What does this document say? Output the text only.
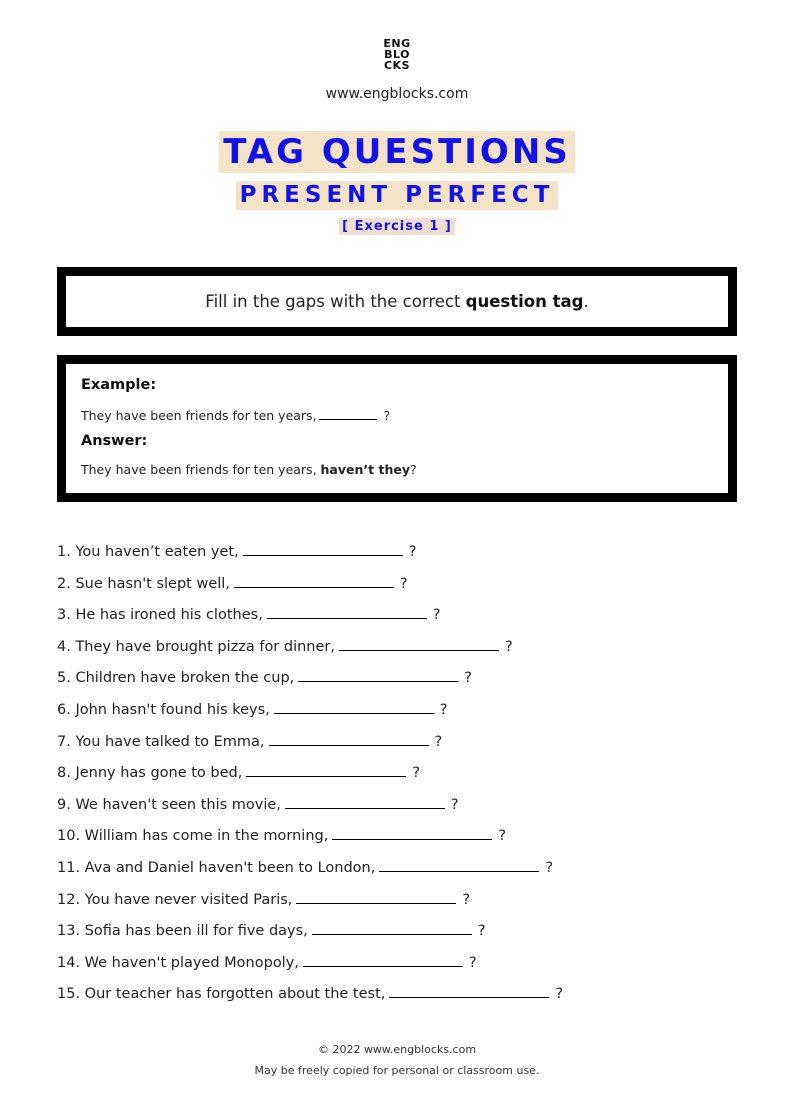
ENG
BLO
CKS
www.engblocks.com
TAG QUESTIONS
PRESENT PERFECT
[ Exercise 1 ]
Fill in the gaps with the correct question tag.
Example:
They have been friends for ten years,	?
Answer:
They have been friends for ten years, haven’t they?
1. You haven’t eaten yet,	?
2. Sue hasn't slept well,	?
3. He has ironed his clothes,	?
4. They have brought pizza for dinner,	?
5. Children have broken the cup,	?
6. John hasn't found his keys,	?
7. You have talked to Emma,	?
8. Jenny has gone to bed,	?
9. We haven't seen this movie,	?
10. William has come in the morning,	?
11. Ava and Daniel haven't been to London,	?
12. You have never visited Paris,	?
13. Sofia has been ill for five days,	?
14. We haven't played Monopoly,	?
15. Our teacher has forgotten about the test,	?
© 2022 www.engblocks.com
May be freely copied for personal or classroom use.
